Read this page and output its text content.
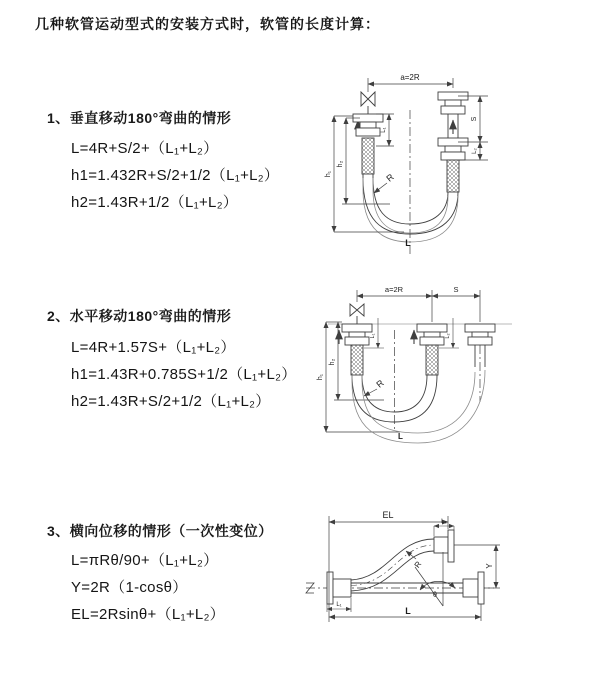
几种软管运动型式的安装方式时，软管的长度计算：
1、垂直移动180°弯曲的情形
L=4R+S/2+（L₁+L₂）
h1=1.432R+S/2+1/2（L₁+L₂）
h2=1.43R+1/2（L₁+L₂）
2、水平移动180°弯曲的情形
L=4R+1.57S+（L₁+L₂）
h1=1.43R+0.785S+1/2（L₁+L₂）
h2=1.43R+S/2+1/2（L₁+L₂）
3、横向位移的情形（一次性变位）
L=πRθ/90+（L₁+L₂）
Y=2R（1-cosθ）
EL=2Rsinθ+（L₁+L₂）
a=2R
L₁
S
L₂
h₁
h₂
R
L
a=2R	S
L₁	L₂
h₁
h₂
R
L
EL
L₂
Y
L
L₁
R
θ
